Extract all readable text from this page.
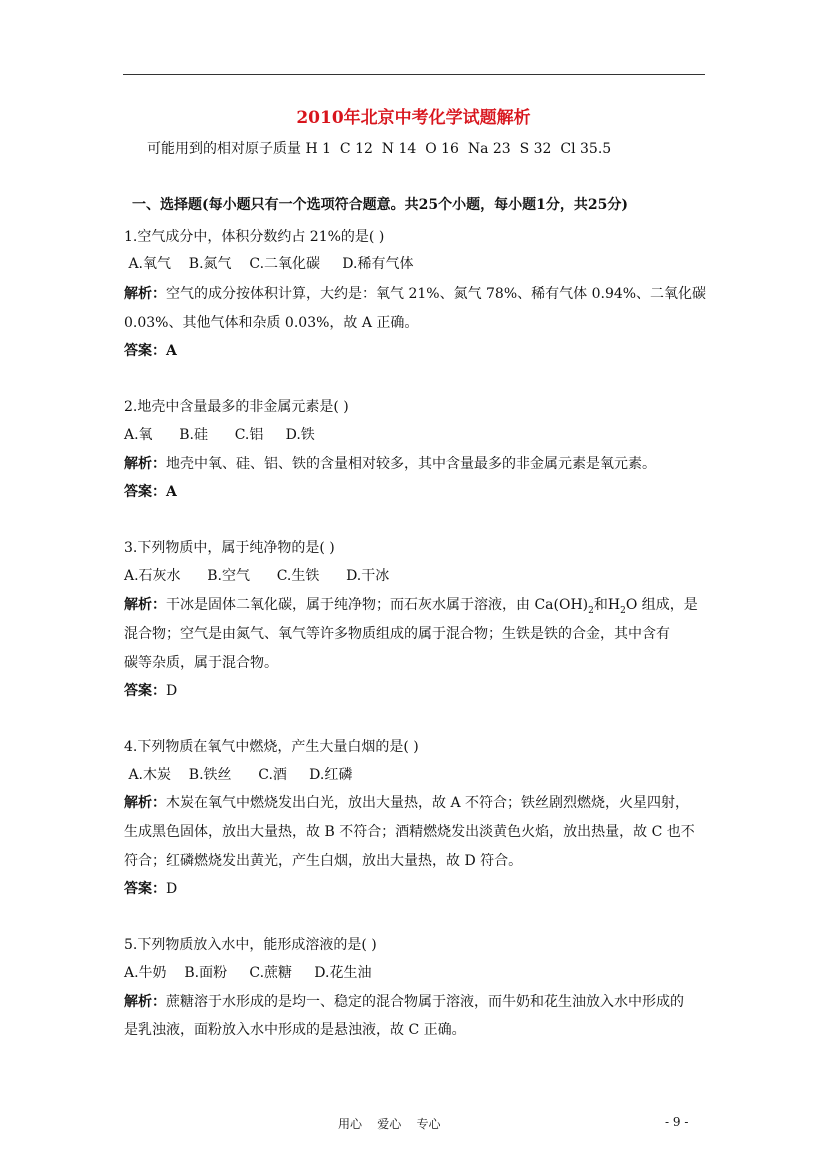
2010年北京中考化学试题解析
可能用到的相对原子质量 H 1  C 12  N 14  O 16  Na 23  S 32  Cl 35.5
一、选择题(每小题只有一个选项符合题意。共25个小题，每小题1分，共25分)
1.空气成分中，体积分数约占 21%的是( )
A.氧气    B.氮气    C.二氧化碳     D.稀有气体
解析：空气的成分按体积计算，大约是：氧气 21%、氮气 78%、稀有气体 0.94%、二氧化碳
0.03%、其他气体和杂质 0.03%，故 A 正确。
答案：A
2.地壳中含量最多的非金属元素是( )
A.氧      B.硅      C.铝     D.铁
解析：地壳中氧、硅、铝、铁的含量相对较多，其中含量最多的非金属元素是氧元素。
答案：A
3.下列物质中，属于纯净物的是( )
A.石灰水      B.空气      C.生铁      D.干冰
解析：干冰是固体二氧化碳，属于纯净物；而石灰水属于溶液，由 $Ca(OH)_2$和$H_2O$ 组成，是
混合物；空气是由氮气、氧气等许多物质组成的属于混合物；生铁是铁的合金，其中含有
碳等杂质，属于混合物。
答案：D
4.下列物质在氧气中燃烧，产生大量白烟的是( )
A.木炭    B.铁丝      C.酒     D.红磷
解析：木炭在氧气中燃烧发出白光，放出大量热，故 A 不符合；铁丝剧烈燃烧，火星四射，
生成黑色固体，放出大量热，故 B 不符合；酒精燃烧发出淡黄色火焰，放出热量，故 C 也不
符合；红磷燃烧发出黄光，产生白烟，放出大量热，故 D 符合。
答案：D
5.下列物质放入水中，能形成溶液的是( )
A.牛奶    B.面粉     C.蔗糖     D.花生油
解析：蔗糖溶于水形成的是均一、稳定的混合物属于溶液，而牛奶和花生油放入水中形成的
是乳浊液，面粉放入水中形成的是悬浊液，故 C 正确。
用心    爱心    专心	- 9 -
